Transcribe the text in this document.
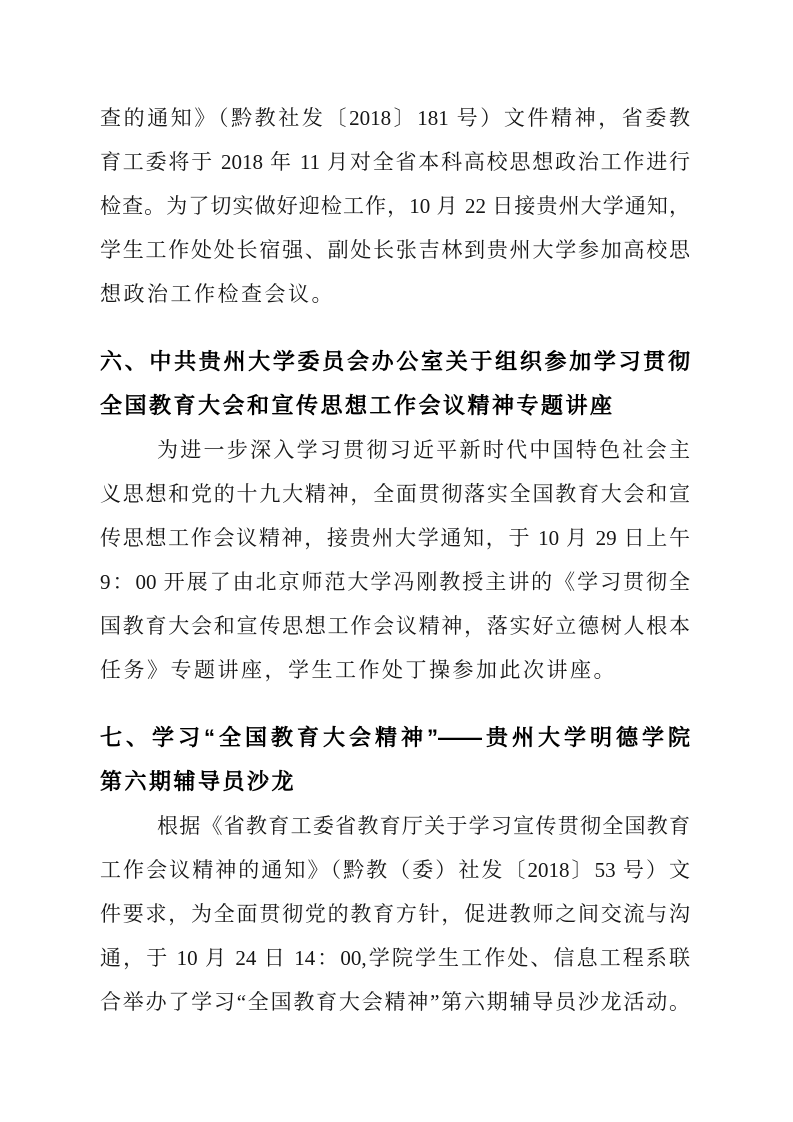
查的通知》（黔教社发〔2018〕181 号）文件精神，省委教
育工委将于 2018 年 11 月对全省本科高校思想政治工作进行
检查。为了切实做好迎检工作，10 月 22 日接贵州大学通知，
学生工作处处长宿强、副处长张吉林到贵州大学参加高校思
想政治工作检查会议。
六、中共贵州大学委员会办公室关于组织参加学习贯彻
全国教育大会和宣传思想工作会议精神专题讲座
为进一步深入学习贯彻习近平新时代中国特色社会主
义思想和党的十九大精神，全面贯彻落实全国教育大会和宣
传思想工作会议精神，接贵州大学通知，于 10 月 29 日上午
9：00 开展了由北京师范大学冯刚教授主讲的《学习贯彻全
国教育大会和宣传思想工作会议精神，落实好立德树人根本
任务》专题讲座，学生工作处丁操参加此次讲座。
七、学习“全国教育大会精神”——贵州大学明德学院
第六期辅导员沙龙
根据《省教育工委省教育厅关于学习宣传贯彻全国教育
工作会议精神的通知》（黔教（委）社发〔2018〕53 号）文
件要求，为全面贯彻党的教育方针，促进教师之间交流与沟
通，于 10 月 24 日 14：00,学院学生工作处、信息工程系联
合举办了学习“全国教育大会精神”第六期辅导员沙龙活动。
